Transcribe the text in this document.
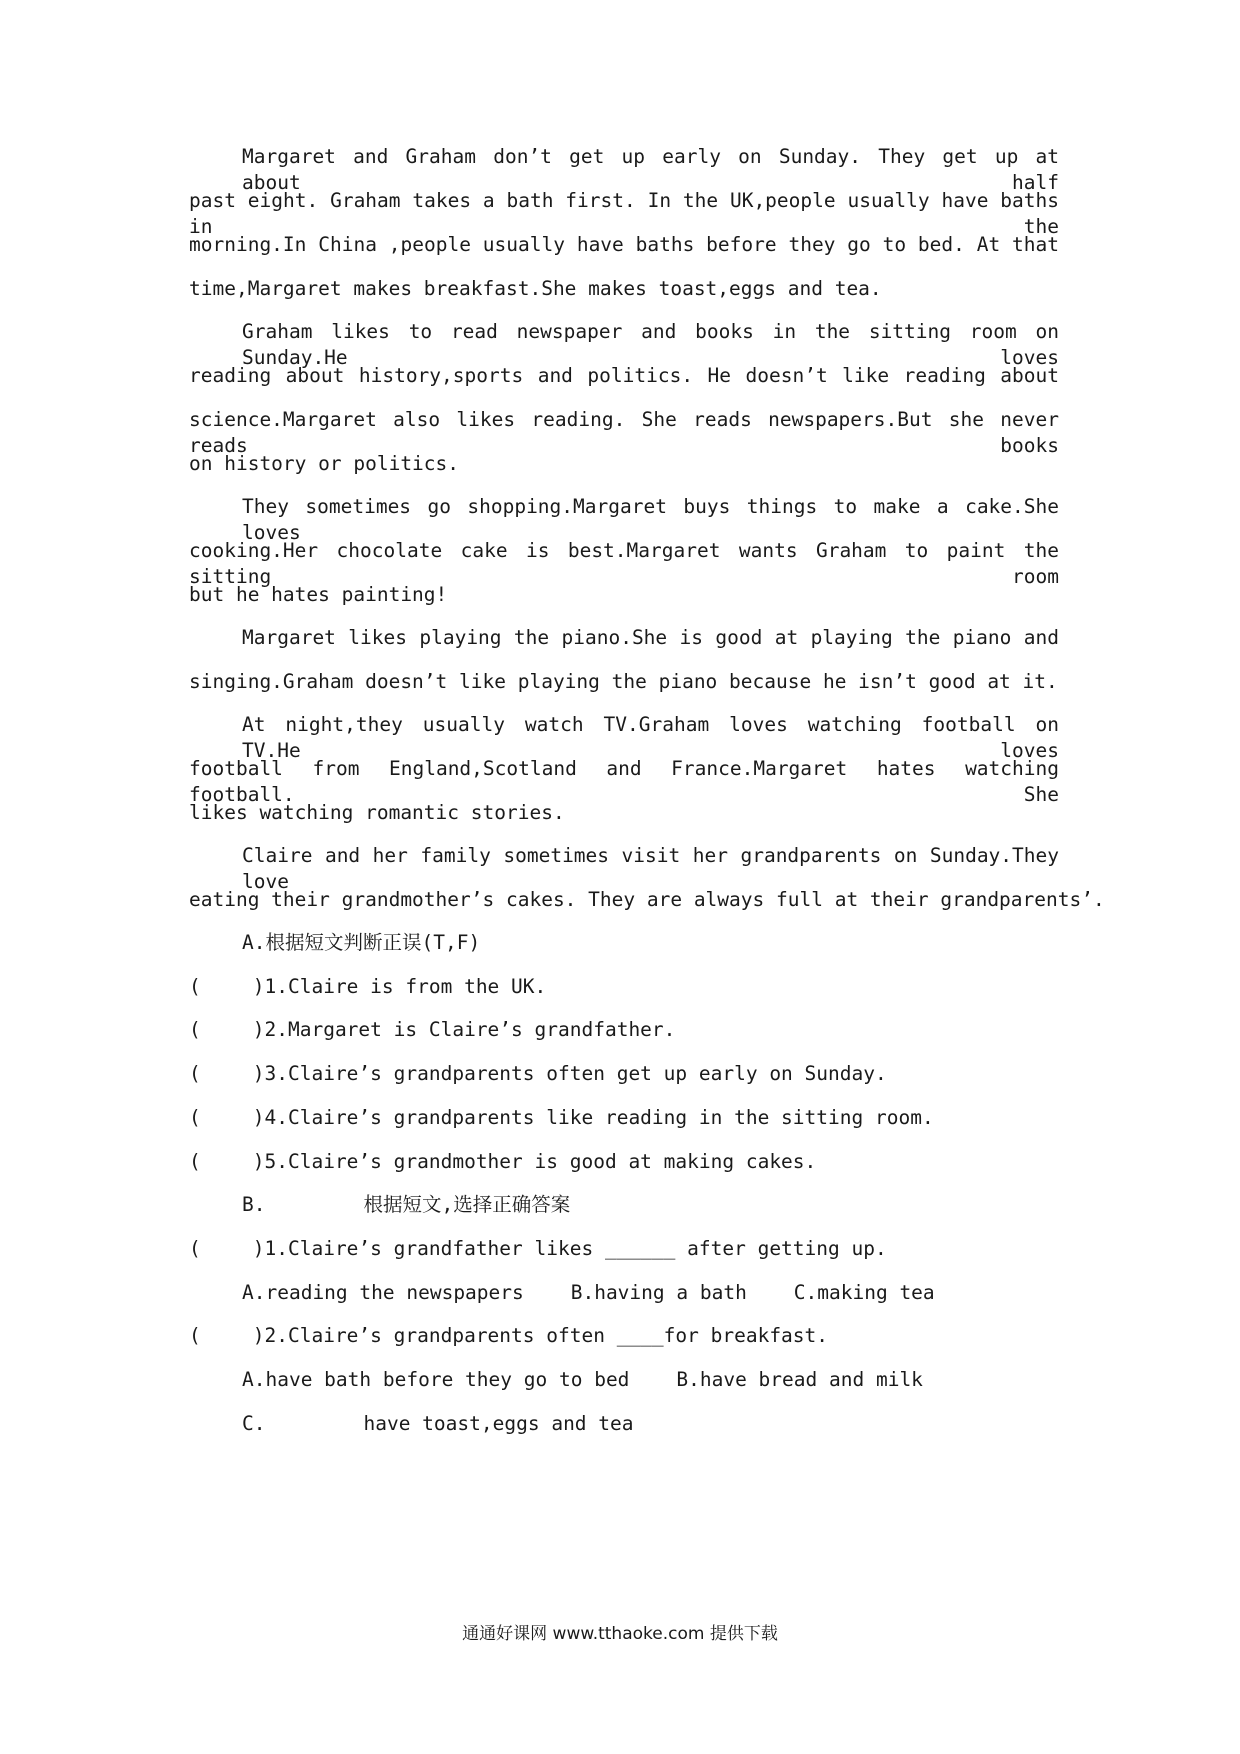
Margaret and Graham don’t get up early on Sunday. They get up at about half
past eight. Graham takes a bath first. In the UK,people usually have baths in the
morning.In China ,people usually have baths before they go to bed. At that
time,Margaret makes breakfast.She makes toast,eggs and tea.
Graham likes to read newspaper and books in the sitting room on Sunday.He loves
reading about history,sports and politics. He doesn’t like reading about
science.Margaret also likes reading. She reads newspapers.But she never reads books
on history or politics.
They sometimes go shopping.Margaret buys things to make a cake.She loves
cooking.Her chocolate cake is best.Margaret wants Graham to paint the sitting room
but he hates painting!
Margaret likes playing the piano.She is good at playing the piano and
singing.Graham doesn’t like playing the piano because he isn’t good at it.
At night,they usually watch TV.Graham loves watching football on TV.He loves
football from England,Scotland and France.Margaret hates watching football. She
likes watching romantic stories.
Claire and her family sometimes visit her grandparents on Sunday.They love
eating their grandmother’s cakes. They are always full at their grandparents’.
A.根据短文判断正误(T,F)
(	)1.Claire is from the UK.
(	)2.Margaret is Claire’s grandfather.
(	)3.Claire’s grandparents often get up early on Sunday.
(	)4.Claire’s grandparents like reading in the sitting room.
(	)5.Claire’s grandmother is good at making cakes.
B.	根据短文,选择正确答案
(	)1.Claire’s grandfather likes ______ after getting up.
A.reading the newspapers    B.having a bath    C.making tea
(	)2.Claire’s grandparents often ____for breakfast.
A.have bath before they go to bed    B.have bread and milk
C.	have toast,eggs and tea
通通好课网 www.tthaoke.com 提供下载
